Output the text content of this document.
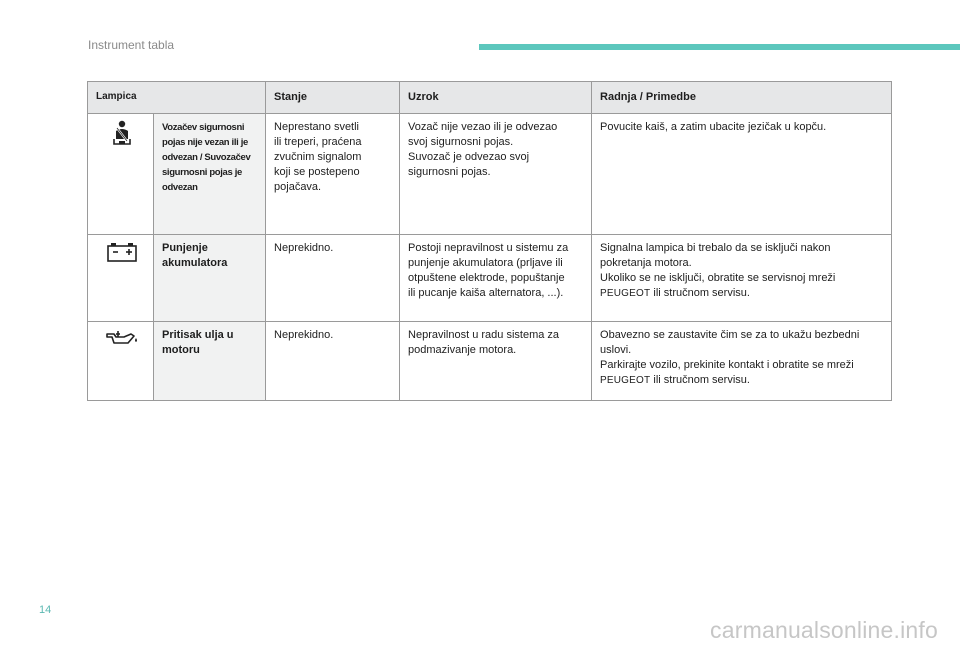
Instrument tabla
Lampica		Stanje	Uzrok	Radnja / Primedbe
	Vozačev sigurnosni
pojas nije vezan ili je
odvezan / Suvozačev
sigurnosni pojas je
odvezan	Neprestano svetli
ili treperi, praćena
zvučnim signalom
koji se postepeno
pojačava.	Vozač nije vezao ili je odvezao
svoj sigurnosni pojas.
Suvozač je odvezao svoj
sigurnosni pojas.	Povucite kaiš, a zatim ubacite jezičak u kopču.
	Punjenje
akumulatora	Neprekidno.	Postoji nepravilnost u sistemu za
punjenje akumulatora (prljave ili
otpuštene elektrode, popuštanje
ili pucanje kaiša alternatora, ...).	Signalna lampica bi trebalo da se isključi nakon
pokretanja motora.
Ukoliko se ne isključi, obratite se servisnoj mreži
PEUGEOT ili stručnom servisu.
	Pritisak ulja u
motoru	Neprekidno.	Nepravilnost u radu sistema za
podmazivanje motora.	Obavezno se zaustavite čim se za to ukažu bezbedni
uslovi.
Parkirajte vozilo, prekinite kontakt i obratite se mreži
PEUGEOT ili stručnom servisu.
14
carmanualsonline.info
